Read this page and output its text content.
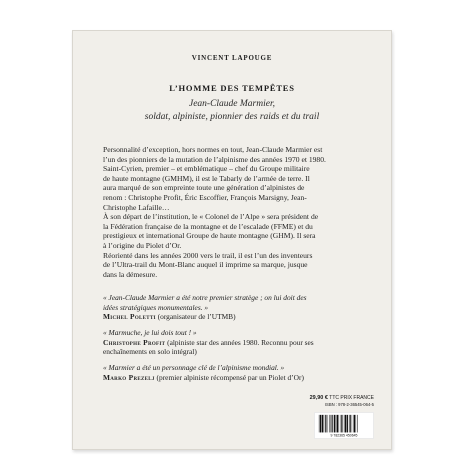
VINCENT LAPOUGE
L’HOMME DES TEMPÊTES
Jean-Claude Marmier,
soldat, alpiniste, pionnier des raids et du trail
Personnalité d’exception, hors normes en tout, Jean-Claude Marmier est
l’un des pionniers de la mutation de l’alpinisme des années 1970 et 1980.
Saint-Cyrien, premier – et emblématique – chef du Groupe militaire
de haute montagne (GMHM), il est le Tabarly de l’armée de terre. Il
aura marqué de son empreinte toute une génération d’alpinistes de
renom : Christophe Profit, Éric Escoffier, François Marsigny, Jean-
Christophe Lafaille…
À son départ de l’institution, le « Colonel de l’Alpe » sera président de
la Fédération française de la montagne et de l’escalade (FFME) et du
prestigieux et international Groupe de haute montagne (GHM). Il sera
à l’origine du Piolet d’Or.
Réorienté dans les années 2000 vers le trail, il est l’un des inventeurs
de l’Ultra-trail du Mont-Blanc auquel il imprime sa marque, jusque
dans la démesure.
« Jean-Claude Marmier a été notre premier stratège ; on lui doit des
idées stratégiques monumentales. »
Michel Poletti (organisateur de l’UTMB)
« Marmuche, je lui dois tout ! »
Christophe Profit (alpiniste star des années 1980. Reconnu pour ses
enchaînements en solo intégral)
« Marmier a été un personnage clé de l’alpinisme mondial. »
Marko Prezelj (premier alpiniste récompensé par un Piolet d’Or)
29,90 € TTC PRIX FRANCE
ISBN : 978-2-36545-064-5
9 782365 450645
